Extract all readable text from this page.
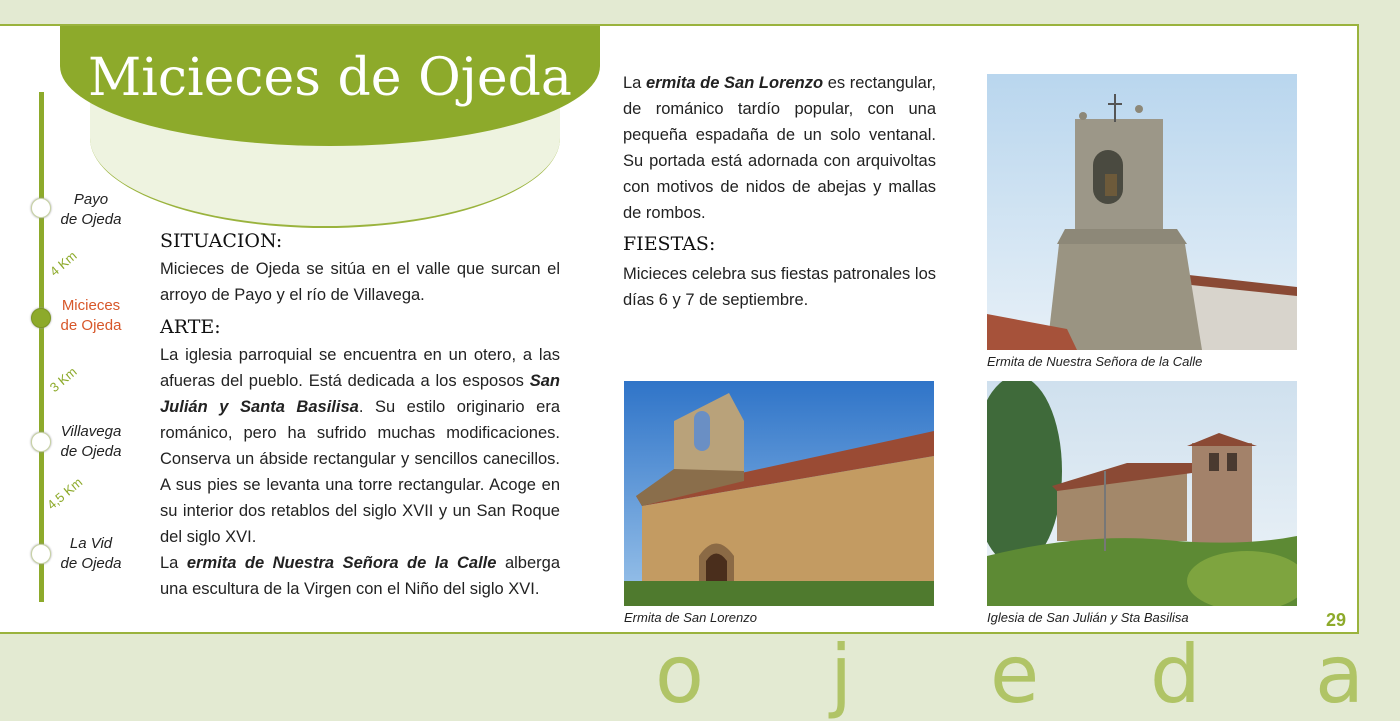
Micieces de Ojeda
Payo
de Ojeda
4 Km
Micieces
de Ojeda
3 Km
Villavega
de Ojeda
4,5 Km
La Vid
de Ojeda
SITUACION:
Micieces de Ojeda se sitúa en el valle que surcan el arroyo de Payo y el río de Villavega.
ARTE:
La iglesia parroquial se encuentra en un otero, a las afueras del pueblo. Está dedicada a los esposos San Julián y Santa Basilisa. Su estilo originario era románico, pero ha sufrido muchas modificaciones. Conserva un ábside rectangular y sencillos canecillos. A sus pies se levanta una torre rectangular. Acoge en su interior dos retablos del siglo XVII y un San Roque del siglo XVI.
La ermita de Nuestra Señora de la Calle alberga una escultura de la Virgen con el Niño del siglo XVI.
La ermita de San Lorenzo es rectangular, de románico tardío popular, con una pequeña espadaña de un solo ventanal. Su portada está adornada con arquivoltas con motivos de nidos de abejas y mallas de rombos.
FIESTAS:
Micieces celebra sus fiestas patronales los días 6 y 7 de septiembre.
Ermita de Nuestra Señora de la Calle
Ermita de San Lorenzo	Iglesia de San Julián y Sta Basilisa	29
o j e d a
